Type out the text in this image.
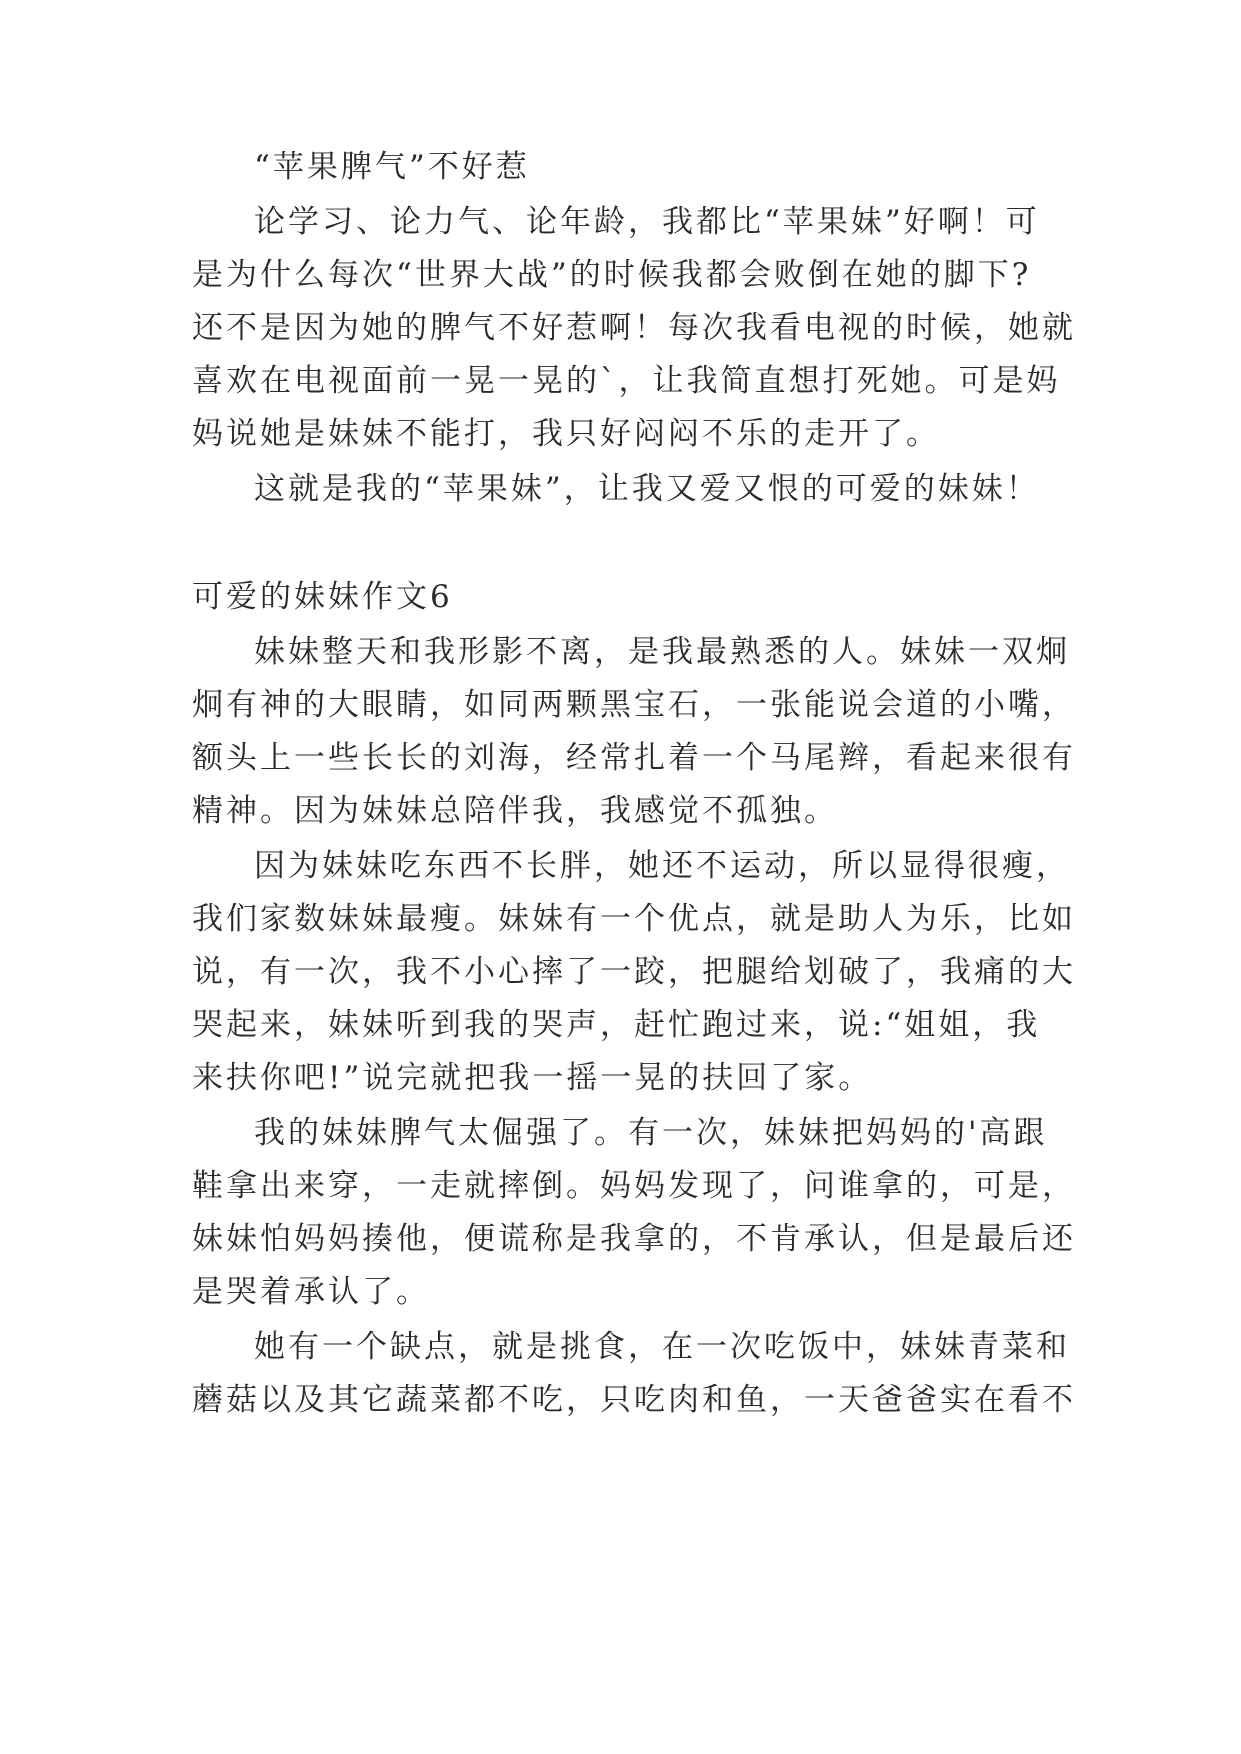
“苹果脾气”不好惹
论学习、论力气、论年龄，我都比“苹果妹”好啊！可
是为什么每次“世界大战”的时候我都会败倒在她的脚下?
还不是因为她的脾气不好惹啊！每次我看电视的时候，她就
喜欢在电视面前一晃一晃的`，让我简直想打死她。可是妈
妈说她是妹妹不能打，我只好闷闷不乐的走开了。
这就是我的“苹果妹”，让我又爱又恨的可爱的妹妹！
可爱的妹妹作文6
妹妹整天和我形影不离，是我最熟悉的人。妹妹一双炯
炯有神的大眼睛，如同两颗黑宝石，一张能说会道的小嘴，
额头上一些长长的刘海，经常扎着一个马尾辫，看起来很有
精神。因为妹妹总陪伴我，我感觉不孤独。
因为妹妹吃东西不长胖，她还不运动，所以显得很瘦，
我们家数妹妹最瘦。妹妹有一个优点，就是助人为乐，比如
说，有一次，我不小心摔了一跤，把腿给划破了，我痛的大
哭起来，妹妹听到我的哭声，赶忙跑过来，说:“姐姐，我
来扶你吧!”说完就把我一摇一晃的扶回了家。
我的妹妹脾气太倔强了。有一次，妹妹把妈妈的'高跟
鞋拿出来穿，一走就摔倒。妈妈发现了，问谁拿的，可是，
妹妹怕妈妈揍他，便谎称是我拿的，不肯承认，但是最后还
是哭着承认了。
她有一个缺点，就是挑食，在一次吃饭中，妹妹青菜和
蘑菇以及其它蔬菜都不吃，只吃肉和鱼，一天爸爸实在看不
